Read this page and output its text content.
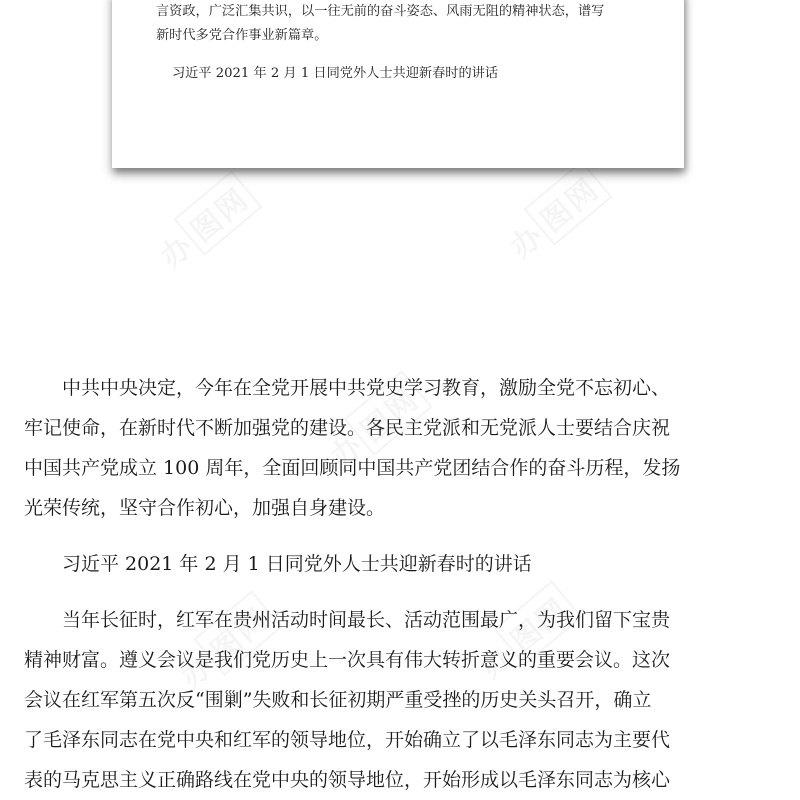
言资政，广泛汇集共识，以一往无前的奋斗姿态、风雨无阻的精神状态，谱写
新时代多党合作事业新篇章。
习近平 2021 年 2 月 1 日同党外人士共迎新春时的讲话
　　中共中央决定，今年在全党开展中共党史学习教育，激励全党不忘初心、
牢记使命，在新时代不断加强党的建设。各民主党派和无党派人士要结合庆祝
中国共产党成立 100 周年，全面回顾同中国共产党团结合作的奋斗历程，发扬
光荣传统，坚守合作初心，加强自身建设。
　　习近平 2021 年 2 月 1 日同党外人士共迎新春时的讲话
　　当年长征时，红军在贵州活动时间最长、活动范围最广，为我们留下宝贵
精神财富。遵义会议是我们党历史上一次具有伟大转折意义的重要会议。这次
会议在红军第五次反“围剿”失败和长征初期严重受挫的历史关头召开，确立
了毛泽东同志在党中央和红军的领导地位，开始确立了以毛泽东同志为主要代
表的马克思主义正确路线在党中央的领导地位，开始形成以毛泽东同志为核心
